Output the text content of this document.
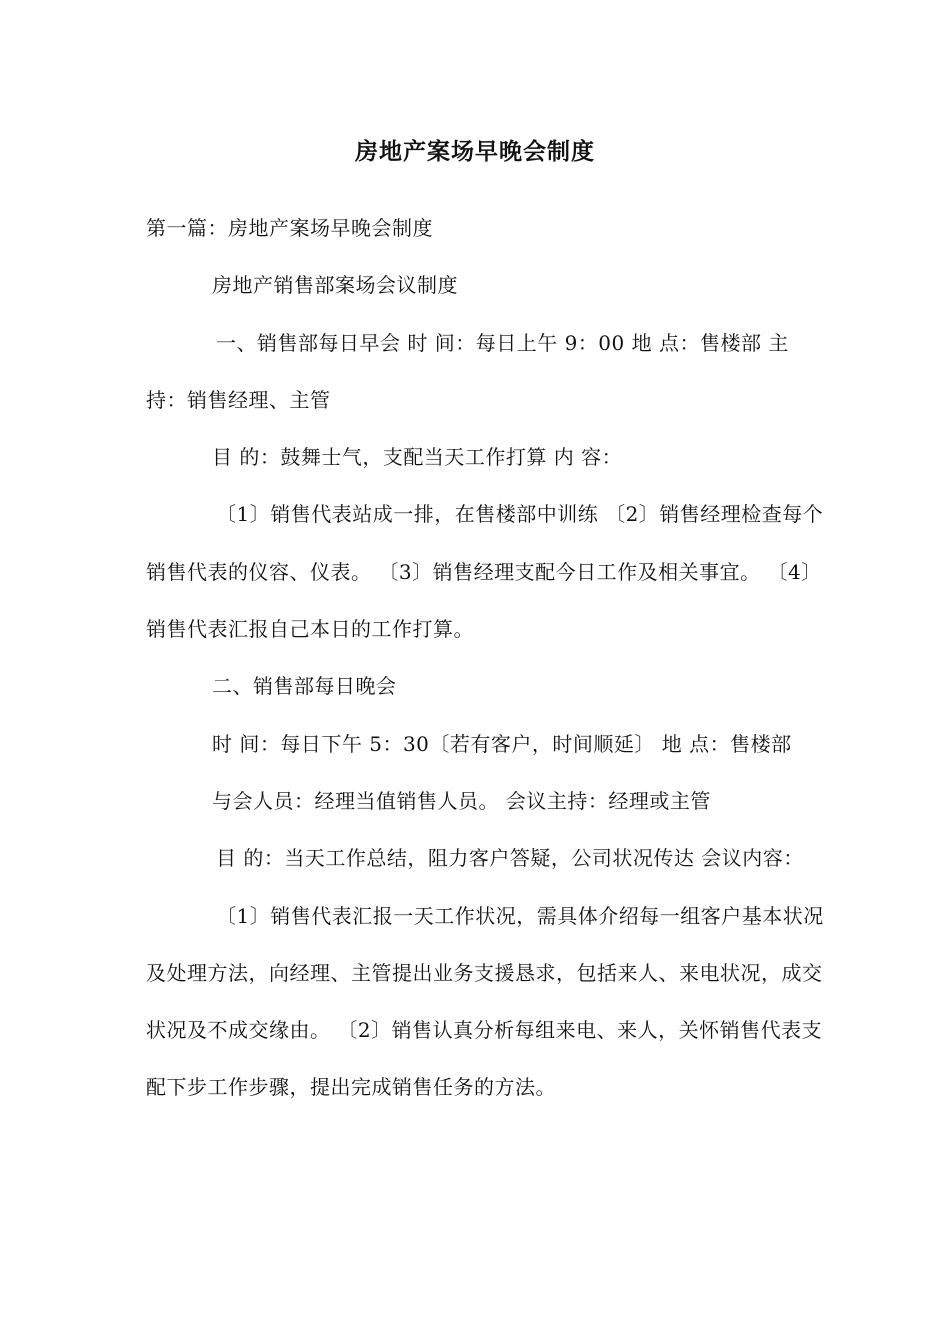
房地产案场早晚会制度

第一篇：房地产案场早晚会制度

房地产销售部案场会议制度

一、销售部每日早会 时 间：每日上午 9：00 地 点：售楼部 主 持：销售经理、主管

目 的：鼓舞士气，支配当天工作打算 内 容：

〔1〕销售代表站成一排，在售楼部中训练 〔2〕销售经理检查每个销售代表的仪容、仪表。 〔3〕销售经理支配今日工作及相关事宜。 〔4〕销售代表汇报自己本日的工作打算。

二、销售部每日晚会

时 间：每日下午 5：30〔若有客户，时间顺延〕 地 点：售楼部

与会人员：经理当值销售人员。 会议主持：经理或主管

目 的：当天工作总结，阻力客户答疑，公司状况传达 会议内容：

〔1〕销售代表汇报一天工作状况，需具体介绍每一组客户基本状况及处理方法，向经理、主管提出业务支援恳求，包括来人、来电状况，成交状况及不成交缘由。 〔2〕销售认真分析每组来电、来人，关怀销售代表支配下步工作步骤，提出完成销售任务的方法。
